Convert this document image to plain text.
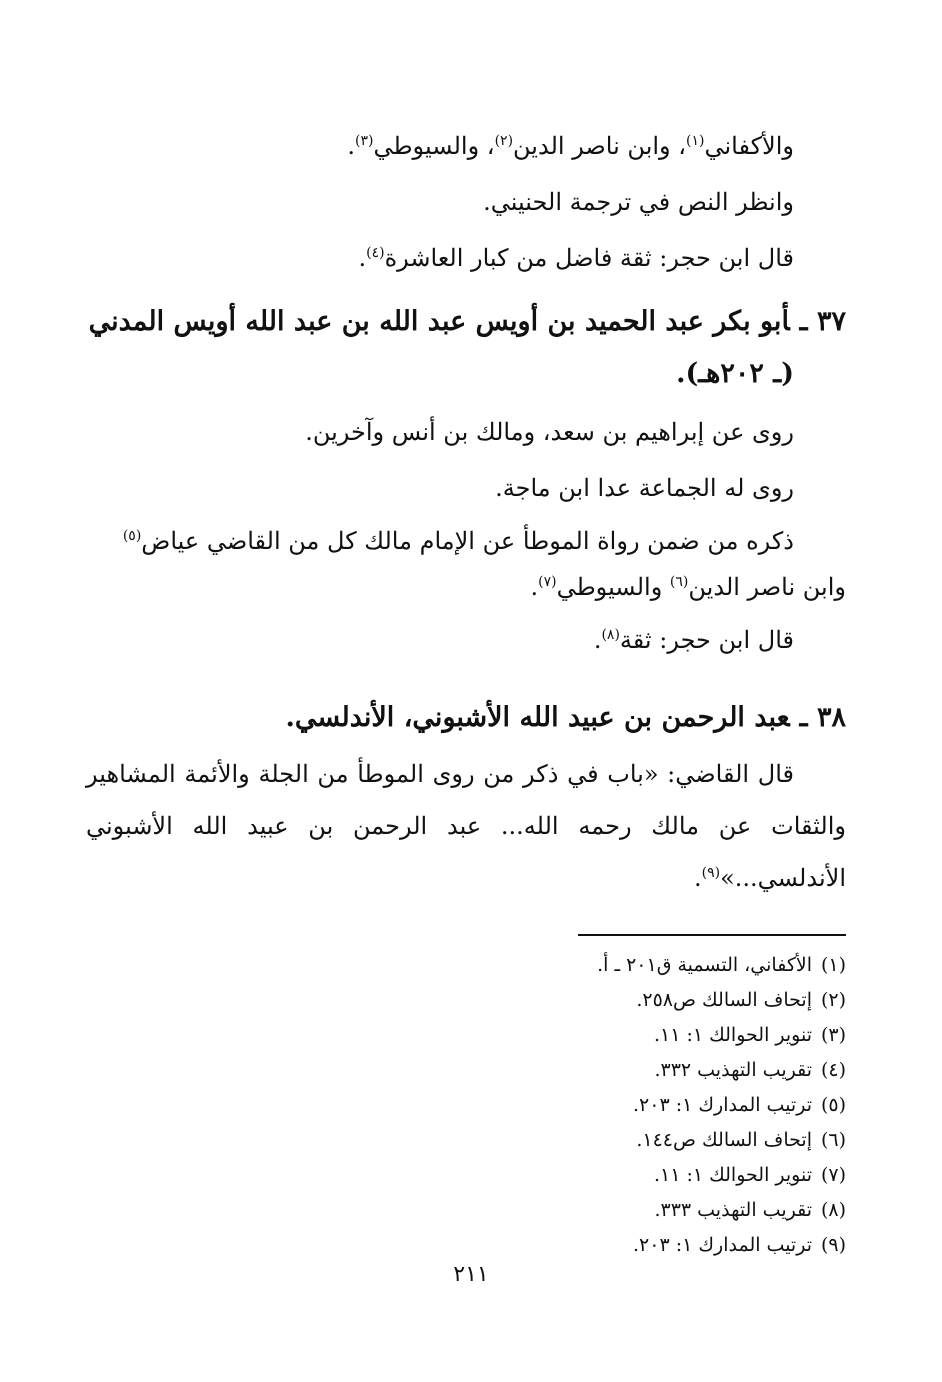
والأكفاني$^{(١)}$، وابن ناصر الدين$^{(٢)}$، والسيوطي$^{(٣)}$.

وانظر النص في ترجمة الحنيني.

قال ابن حجر: ثقة فاضل من كبار العاشرة$^{(٤)}$.

٣٧ ـأبو بكر عبد الحميد بن أويس عبد الله بن عبد الله أويس المدني
(ـ ٢٠٢هـ).

روى عن إبراهيم بن سعد، ومالك بن أنس وآخرين.

روى له الجماعة عدا ابن ماجة.

ذكره من ضمن رواة الموطأ عن الإمام مالك كل من القاضي عياض$^{(٥)}$

وابن ناصر الدين$^{(٦)}$ والسيوطي$^{(٧)}$.

قال ابن حجر: ثقة$^{(٨)}$.

٣٨ ـعبد الرحمن بن عبيد الله الأشبوني، الأندلسي.

قال القاضي: «باب في ذكر من روى الموطأ من الجلة والأئمة المشاهير والثقات عن مالك رحمه الله... عبد الرحمن بن عبيد الله الأشبوني الأندلسي...»$^{(٩)}$.

(١)الأكفاني، التسمية ق٢٠١ ـ أ.

(٢)إتحاف السالك ص٢٥٨.

(٣)تنوير الحوالك ١: ١١.

(٤)تقريب التهذيب ٣٣٢.

(٥)ترتيب المدارك ١: ٢٠٣.

(٦)إتحاف السالك ص١٤٤.

(٧)تنوير الحوالك ١: ١١.

(٨)تقريب التهذيب ٣٣٣.

(٩)ترتيب المدارك ١: ٢٠٣.

٢١١
